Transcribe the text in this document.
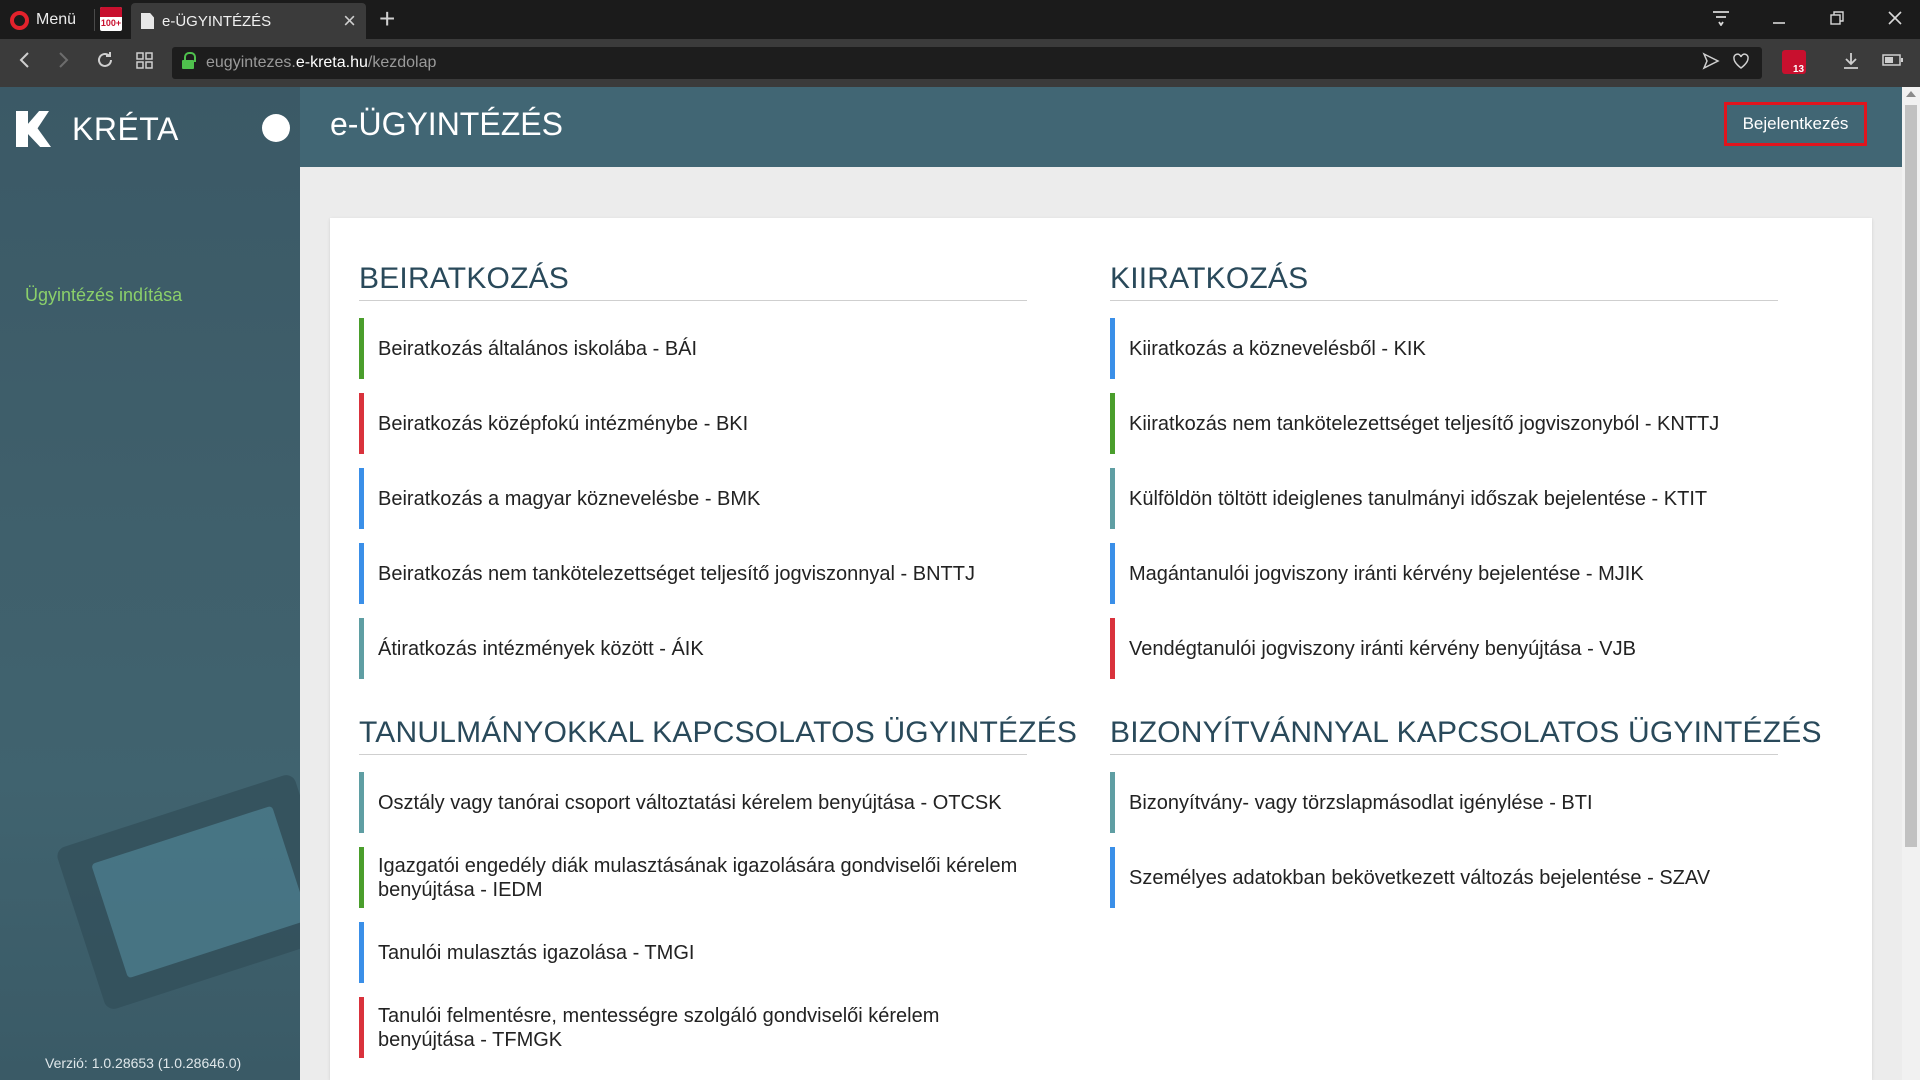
Menü	100+	e-ÜGYINTÉZÉS	× +
eugyintezes. e-kreta.hu /kezdolap	13
KRÉTA
Ügyintézés indítása
Verzió: 1.0.28653 (1.0.28646.0)
e-ÜGYINTÉZÉS	Bejelentkezés
BEIRATKOZÁS
Beiratkozás általános iskolába - BÁI
Beiratkozás középfokú intézménybe - BKI
Beiratkozás a magyar köznevelésbe - BMK
Beiratkozás nem tankötelezettséget teljesítő jogviszonnyal - BNTTJ
Átiratkozás intézmények között - ÁIK
KIIRATKOZÁS
Kiiratkozás a köznevelésből - KIK
Kiiratkozás nem tankötelezettséget teljesítő jogviszonyból - KNTTJ
Külföldön töltött ideiglenes tanulmányi időszak bejelentése - KTIT
Magántanulói jogviszony iránti kérvény bejelentése - MJIK
Vendégtanulói jogviszony iránti kérvény benyújtása - VJB
TANULMÁNYOKKAL KAPCSOLATOS ÜGYINTÉZÉS
Osztály vagy tanórai csoport változtatási kérelem benyújtása - OTCSK
Igazgatói engedély diák mulasztásának igazolására gondviselői kérelem benyújtása - IEDM
Tanulói mulasztás igazolása - TMGI
Tanulói felmentésre, mentességre szolgáló gondviselői kérelem benyújtása - TFMGK
BIZONYÍTVÁNNYAL KAPCSOLATOS ÜGYINTÉZÉS
Bizonyítvány- vagy törzslapmásodlat igénylése - BTI
Személyes adatokban bekövetkezett változás bejelentése - SZAV
